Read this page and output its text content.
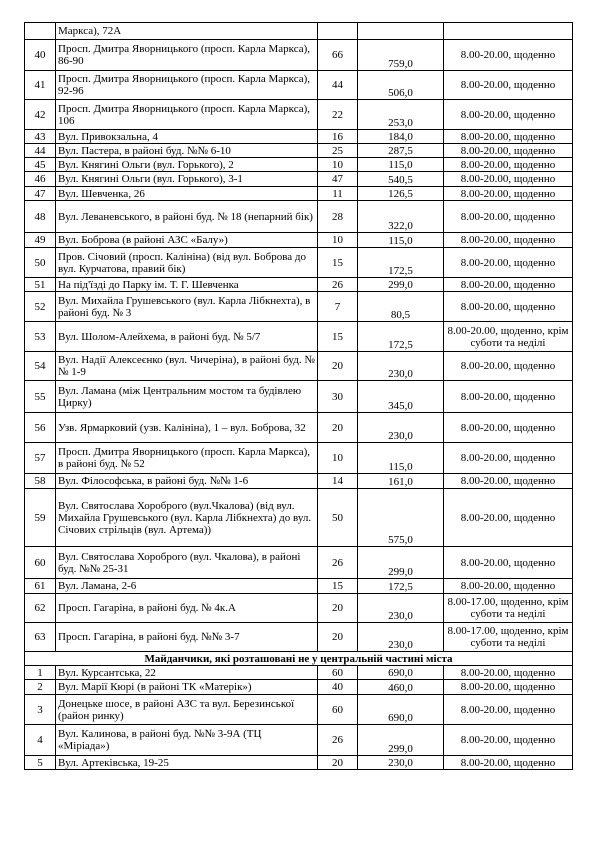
	Маркса), 72А			
40	Просп. Дмитра Яворницького (просп. Карла Маркса), 86-90	66	759,0	8.00-20.00, щоденно
41	Просп. Дмитра Яворницького (просп. Карла Маркса), 92-96	44	506,0	8.00-20.00, щоденно
42	Просп. Дмитра Яворницького (просп. Карла Маркса), 106	22	253,0	8.00-20.00, щоденно
43	Вул. Привокзальна, 4	16	184,0	8.00-20.00, щоденно
44	Вул. Пастера, в районі буд. №№ 6-10	25	287,5	8.00-20.00, щоденно
45	Вул. Княгині Ольги (вул. Горького), 2	10	115,0	8.00-20.00, щоденно
46	Вул. Княгині Ольги (вул. Горького), 3-1	47	540,5	8.00-20.00, щоденно
47	Вул. Шевченка, 26	11	126,5	8.00-20.00, щоденно
48	Вул. Леваневського, в районі буд. № 18 (непарний бік)	28	322,0	8.00-20.00, щоденно
49	Вул. Боброва (в районі АЗС «Балу»)	10	115,0	8.00-20.00, щоденно
50	Пров. Січовий (просп. Калініна) (від вул. Боброва до вул. Курчатова, правий бік)	15	172,5	8.00-20.00, щоденно
51	На під'їзді до Парку ім. Т. Г. Шевченка	26	299,0	8.00-20.00, щоденно
52	Вул. Михайла Грушевського (вул. Карла Лібкнехта), в районі буд. № 3	7	80,5	8.00-20.00, щоденно
53	Вул. Шолом-Алейхема, в районі буд. № 5/7	15	172,5	8.00-20.00, щоденно, крім суботи та неділі
54	Вул. Надії Алексеєнко (вул. Чичеріна), в районі буд. №№ 1-9	20	230,0	8.00-20.00, щоденно
55	Вул. Ламана (між Центральним мостом та будівлею Цирку)	30	345,0	8.00-20.00, щоденно
56	Узв. Ярмарковий (узв. Калініна), 1 – вул. Боброва, 32	20	230,0	8.00-20.00, щоденно
57	Просп. Дмитра Яворницького (просп. Карла Маркса), в районі буд. № 52	10	115,0	8.00-20.00, щоденно
58	Вул. Філософська, в районі буд. №№ 1-6	14	161,0	8.00-20.00, щоденно
59	Вул. Святослава Хороброго (вул.Чкалова) (від вул. Михайла Грушевського (вул. Карла Лібкнехта) до вул. Січових стрільців (вул. Артема))	50	575,0	8.00-20.00, щоденно
60	Вул. Святослава Хороброго (вул. Чкалова), в районі буд. №№ 25-31	26	299,0	8.00-20.00, щоденно
61	Вул. Ламана, 2-6	15	172,5	8.00-20.00, щоденно
62	Просп. Гагаріна, в районі буд. № 4к.А	20	230,0	8.00-17.00, щоденно, крім суботи та неділі
63	Просп. Гагаріна, в районі буд. №№ 3-7	20	230,0	8.00-17.00, щоденно, крім суботи та неділі
Майданчики, які розташовані не у центральній частині міста				
1	Вул. Курсантська, 22	60	690,0	8.00-20.00, щоденно
2	Вул. Марії Кюрі (в районі ТК «Матерік»)	40	460,0	8.00-20.00, щоденно
3	Донецьке шосе, в районі АЗС та вул. Березинської (район ринку)	60	690,0	8.00-20.00, щоденно
4	Вул. Калинова, в районі буд. №№ 3-9А (ТЦ «Міріада»)	26	299,0	8.00-20.00, щоденно
5	Вул. Артеківська, 19-25	20	230,0	8.00-20.00, щоденно
